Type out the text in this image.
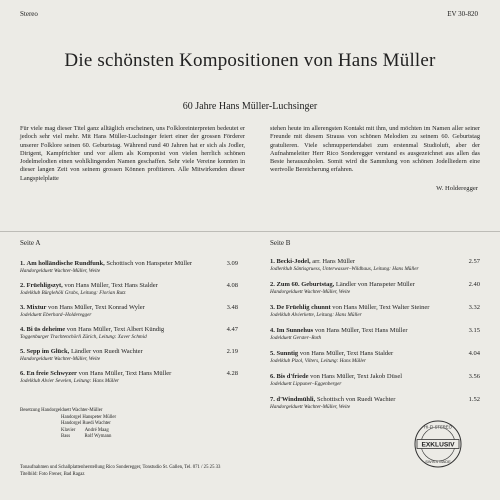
Stereo	EV 30-820
Die schönsten Kompositionen von Hans Müller
60 Jahre Hans Müller-Luchsinger
Für viele mag dieser Titel ganz alltäglich erscheinen, uns Folkloreinterpreten bedeutet er jedoch sehr viel mehr. Mit Hans Müller-Luchsinger feiert einer der grossen Förderer unserer Folklore seinen 60. Geburtstag. Während rund 40 Jahren hat er sich als Jodler, Dirigent, Kampfrichter und vor allem als Komponist von vielen herrlich schönen Jodelmelodien einen wohlklingenden Namen geschaffen. Sehr viele Vereine konnten in dieser langen Zeit von seinem grossen Können profitieren. Alle Mitwirkenden dieser Langspielplatte
stehen heute im allerengsten Kontakt mit ihm, und möchten im Namen aller seiner Freunde mit diesem Strauss von schönen Melodien zu seinem 60. Geburtstag gratulieren. Viele schmuppertendabei zum erstenmal Studioluft, aber der Aufnahmeleiter Herr Rico Sonderegger verstand es ausgezeichnet aus allen das Beste herauszuholen. Somit wird die Sammlung von schönen Jodelliedern eine wertvolle Bereicherung erfahren.
W. Holderegger
Seite A	Seite B
1. Am holländische Rundfunk, Schottisch von Hanspeter Müller	3.09
Handorgelduett Wachter-Müller, Weite
2. Früehligszyt, von Hans Müller, Text Hans Stalder	4.08
Jodelklub Bürglehöli Grabs, Leitung: Florian Rutz
3. Mixtur von Hans Müller, Text Konrad Wyler	3.48
Jodelduett Eberhard–Holderegger
4. Bi üs deheime von Hans Müller, Text Albert Kündig	4.47
Toggenburger Trachtenchörli Zürich, Leitung: Xaver Schmid
5. Sepp im Glück, Ländler von Ruedi Wachter	2.19
Handorgelduett Wachter-Müller, Weite
6. En freie Schwyzer von Hans Müller, Text Hans Müller	4.28
Jodelklub Alvier Sevelen, Leitung: Hans Müller
1. Becki-Jodel, arr. Hans Müller	2.57
Jodlerklub Säntisgruess, Unterwasser–Wildhaus, Leitung: Hans Müller
2. Zum 60. Geburtstag, Ländler von Hanspeter Müller	2.40
Handorgelduett Wachter-Müller, Weite
3. De Früehlig chunnt von Hans Müller, Text Walter Steiner	3.32
Jodelklub Alvierkette, Leitung: Hans Müller
4. Im Sunnehus von Hans Müller, Text Hans Müller	3.15
Jodelduett Gerster–Roth
5. Sunntig von Hans Müller, Text Hans Stalder	4.04
Jodelklub Pizol, Vilters, Leitung: Hans Müller
6. Bis d'friede von Hans Müller, Text Jakob Düsel	3.56
Jodelduett Lippuner–Eggenberger
7. d'Windmühli, Schottisch von Ruedi Wachter	1.52
Handorgelduett Wachter-Müller, Weite
Besetzung Handorgelduett Wachter-Müller
Handorgel Hanspeter Müller
Handorgel Ruedi Wachter
Klavier        André Maag
Bass            Rolf Wymann
Tonaufnahmen und Schallplattenherstellung Rico Sonderegger, Tonstudio St. Gallen, Tel. 071 / 25 25 33
Titelbild: Foto Frener, Bad Ragaz
HI-FI STEREO
EXKLUSIV
SWISS MADE
